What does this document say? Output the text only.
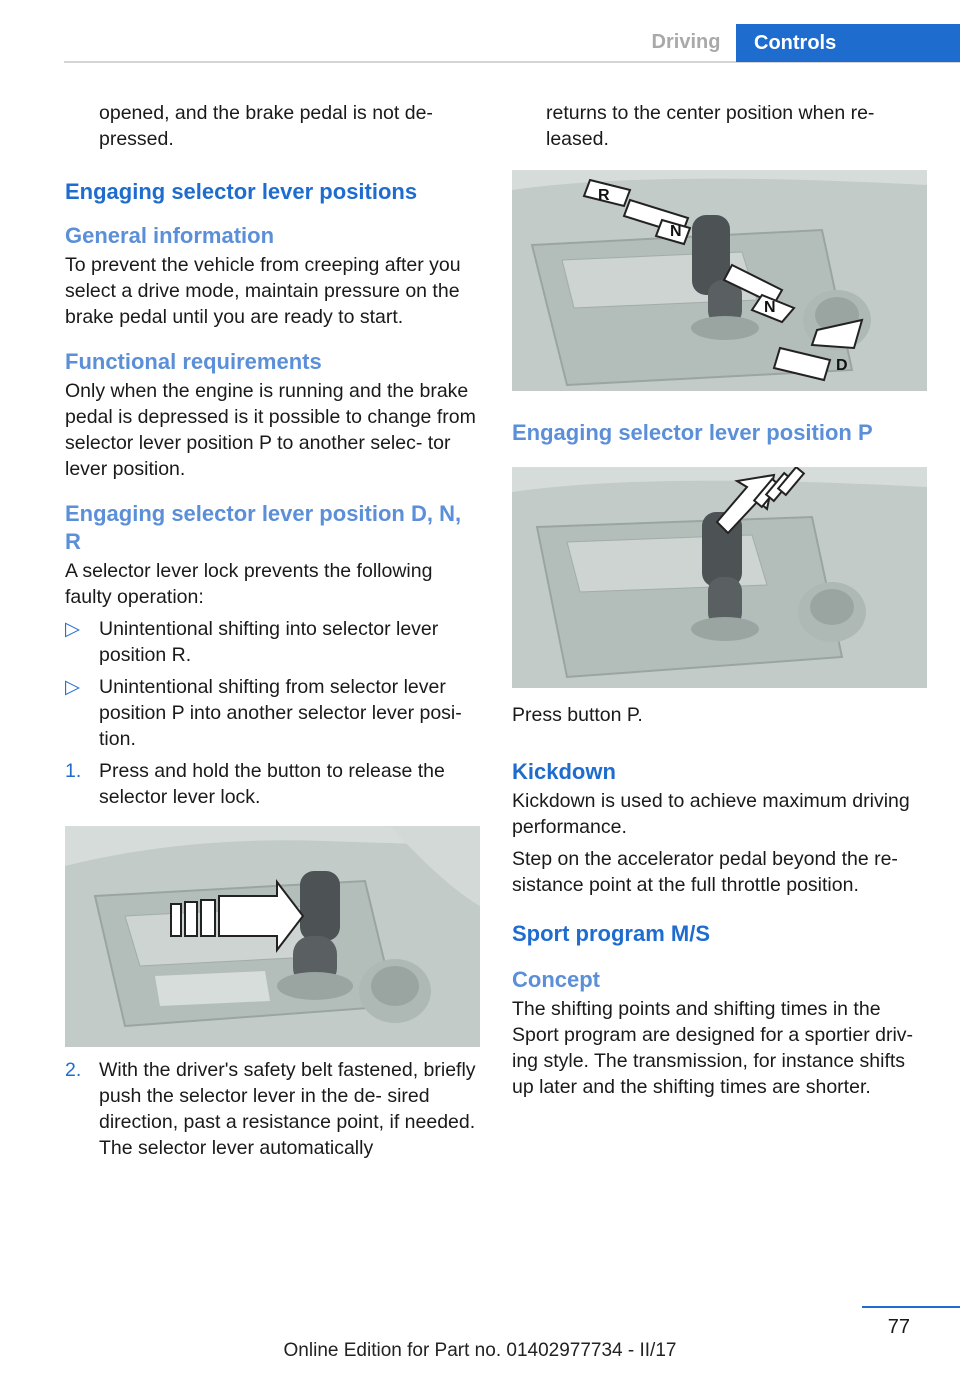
Driving	Controls

opened, and the brake pedal is not de‐ pressed.

Engaging selector lever positions
General information

To prevent the vehicle from creeping after you select a drive mode, maintain pressure on the brake pedal until you are ready to start.

Functional requirements

Only when the engine is running and the brake pedal is depressed is it possible to change from selector lever position P to another selec‐ tor lever position.

Engaging selector lever position D, N, R

A selector lever lock prevents the following faulty operation:

▷ Unintentional shifting into selector lever position R.
▷ Unintentional shifting from selector lever position P into another selector lever posi‐ tion.
1. Press and hold the button to release the selector lever lock.
2. With the driver's safety belt fastened, briefly push the selector lever in the de‐ sired direction, past a resistance point, if needed. The selector lever automatically

returns to the center position when re‐ leased.

R
N
N
D
Engaging selector lever position P

Press button P.

Kickdown

Kickdown is used to achieve maximum driving performance.

Step on the accelerator pedal beyond the re‐ sistance point at the full throttle position.

Sport program M/S
Concept

The shifting points and shifting times in the Sport program are designed for a sportier driv‐ ing style. The transmission, for instance shifts up later and the shifting times are shorter.

77
Online Edition for Part no. 01402977734 - II/17
